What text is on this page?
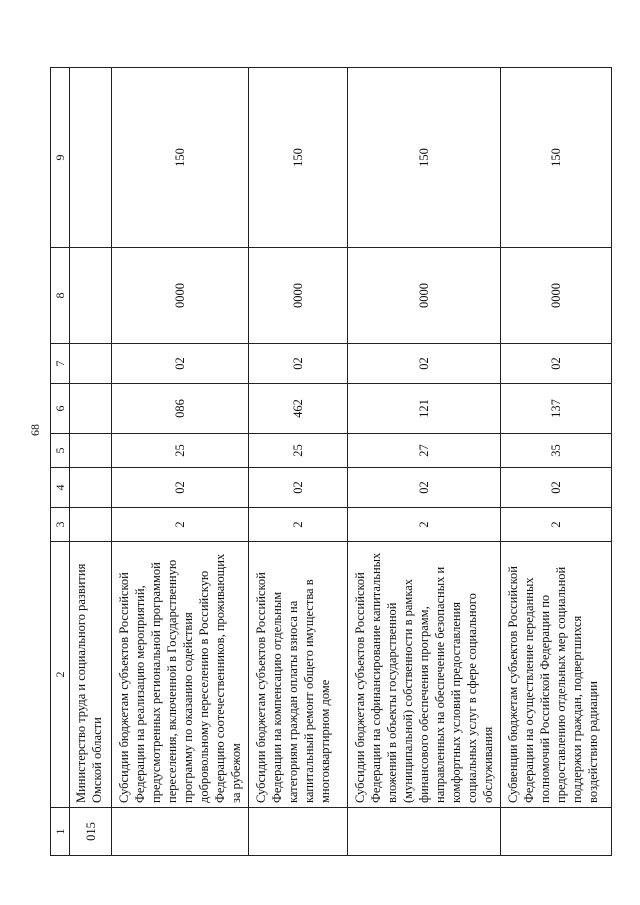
68
1	2	3	4	5	6	7	8	9
015	Министерство труда и социального развития Омской области							
	Субсидии бюджетам субъектов Российской Федерации на реализацию мероприятий, предусмотренных региональной программой переселения, включенной в Государственную программу по оказанию содействия добровольному переселению в Российскую Федерацию соотечественников, проживающих за рубежом	2	02	25	086	02	0000	150
	Субсидии бюджетам субъектов Российской Федерации на компенсацию отдельным категориям граждан оплаты взноса на капитальный ремонт общего имущества в многоквартирном доме	2	02	25	462	02	0000	150
	Субсидии бюджетам субъектов Российской Федерации на софинансирование капитальных вложений в объекты государственной (муниципальной) собственности в рамках финансового обеспечения программ, направленных на обеспечение безопасных и комфортных условий предоставления социальных услуг в сфере социального обслуживания	2	02	27	121	02	0000	150
	Субвенции бюджетам субъектов Российской Федерации на осуществление переданных полномочий Российской Федерации по предоставлению отдельных мер социальной поддержки граждан, подвергшихся воздействию радиации	2	02	35	137	02	0000	150
